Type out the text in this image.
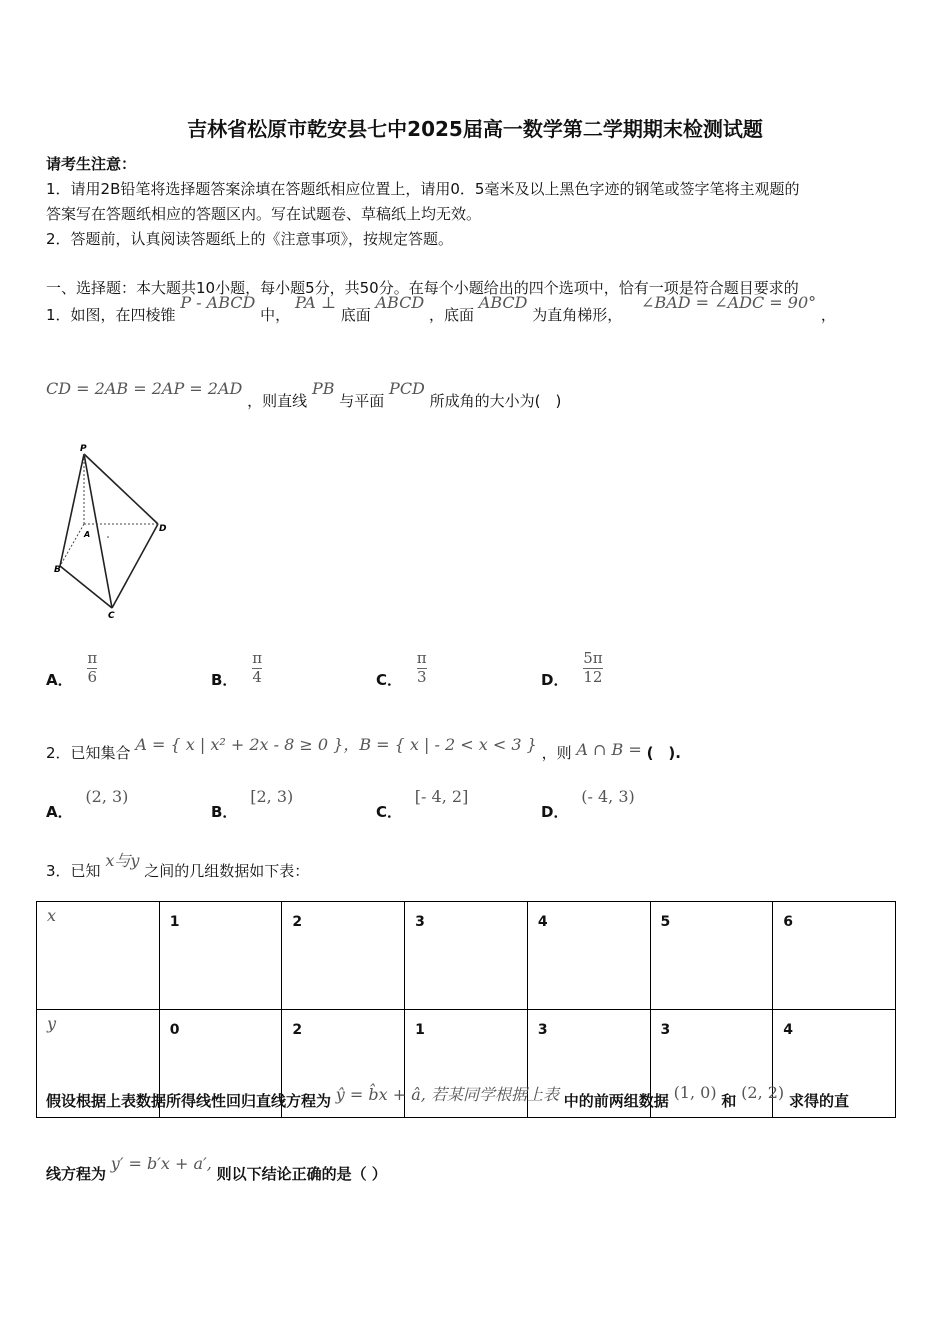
吉林省松原市乾安县七中2025届高一数学第二学期期末检测试题
请考生注意：
1．请用2B铅笔将选择题答案涂填在答题纸相应位置上，请用0．5毫米及以上黑色字迹的钢笔或签字笔将主观题的
答案写在答题纸相应的答题区内。写在试题卷、草稿纸上均无效。
2．答题前，认真阅读答题纸上的《注意事项》，按规定答题。
一、选择题：本大题共10小题，每小题5分，共50分。在每个小题给出的四个选项中，恰有一项是符合题目要求的
1．如图，在四棱锥 P - ABCD 中， PA ⊥ 底面 ABCD ，底面 ABCD 为直角梯形， ∠BAD = ∠ADC = 90° ，
CD = 2AB = 2AP = 2AD ，则直线 PB 与平面 PCD 所成角的大小为(　)
P
A
B
C
D
A． $\frac{\pi}{6}$	B． $\frac{\pi}{4}$	C． $\frac{\pi}{3}$	D． $\frac{5\pi}{12}$
2．已知集合 A = { x | x² + 2x - 8 ≥ 0 }，B = { x | - 2 < x < 3 } ，则 A ∩ B = (　).
A． (2, 3)
B． [2, 3)
C． [- 4, 2]
D． (- 4, 3)
3．已知 x与y 之间的几组数据如下表：
x	1	2	3	4	5	6
y	0	2	1	3	3	4
假设根据上表数据所得线性回归直线方程为 ŷ = b̂x + â, 若某同学根据上表 中的前两组数据 (1, 0) 和 (2, 2) 求得的直
线方程为 y′ = b′x + a′, 则以下结论正确的是（ ）
